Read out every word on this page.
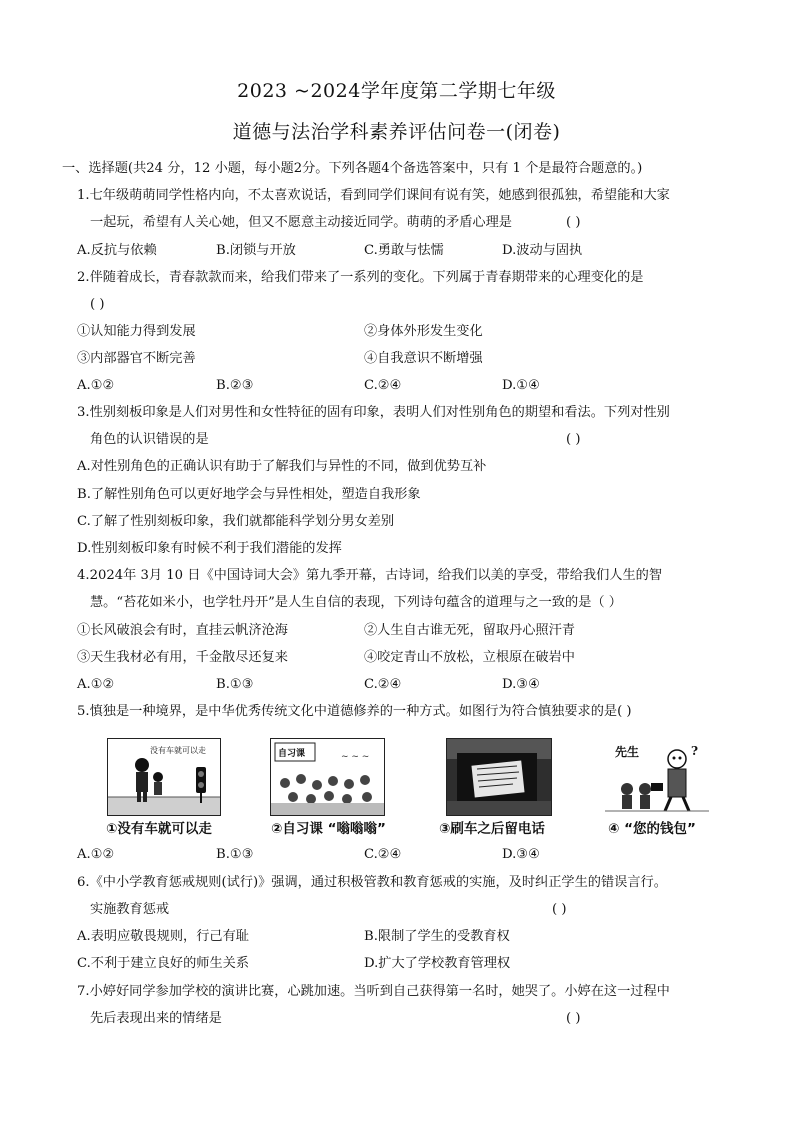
2023 ~2024学年度第二学期七年级
道德与法治学科素养评估问卷一(闭卷)
一、选择题(共24 分，12 小题，每小题2分。下列各题4个备选答案中，只有 1 个是最符合题意的。)
1.七年级萌萌同学性格内向，不太喜欢说话，看到同学们课间有说有笑，她感到很孤独，希望能和大家
一起玩，希望有人关心她，但又不愿意主动接近同学。萌萌的矛盾心理是	( )
A.反抗与依赖	B.闭锁与开放	C.勇敢与怯懦	D.波动与固执
2.伴随着成长，青春款款而来，给我们带来了一系列的变化。下列属于青春期带来的心理变化的是
( )
①认知能力得到发展	②身体外形发生变化
③内部器官不断完善	④自我意识不断增强
A.①②	B.②③	C.②④	D.①④
3.性别刻板印象是人们对男性和女性特征的固有印象，表明人们对性别角色的期望和看法。下列对性别
角色的认识错误的是	( )
A.对性别角色的正确认识有助于了解我们与异性的不同，做到优势互补
B.了解性别角色可以更好地学会与异性相处，塑造自我形象
C.了解了性别刻板印象，我们就都能科学划分男女差别
D.性别刻板印象有时候不利于我们潜能的发挥
4.2024年 3月 10 日《中国诗词大会》第九季开幕，古诗词，给我们以美的享受，带给我们人生的智
慧。“苔花如米小，也学牡丹开”是人生自信的表现，下列诗句蕴含的道理与之一致的是（ ）
①长风破浪会有时，直挂云帆济沧海	②人生自古谁无死，留取丹心照汗青
③天生我材必有用，千金散尽还复来	④咬定青山不放松，立根原在破岩中
A.①②	B.①③	C.②④	D.③④
5.慎独是一种境界，是中华优秀传统文化中道德修养的一种方式。如图行为符合慎独要求的是( )
没有车就可以走
~ ~ ~
自习课	?
先生
①没有车就可以走	②自习课 “嗡嗡嗡”	③刷车之后留电话	④ “您的钱包”
A.①②	B.①③	C.②④	D.③④
6.《中小学教育惩戒规则(试行)》强调，通过积极管教和教育惩戒的实施，及时纠正学生的错误言行。
实施教育惩戒	( )
A.表明应敬畏规则，行己有耻	B.限制了学生的受教育权
C.不利于建立良好的师生关系	D.扩大了学校教育管理权
7.小婷好同学参加学校的演讲比赛，心跳加速。当听到自己获得第一名时，她哭了。小婷在这一过程中
先后表现出来的情绪是	( )
